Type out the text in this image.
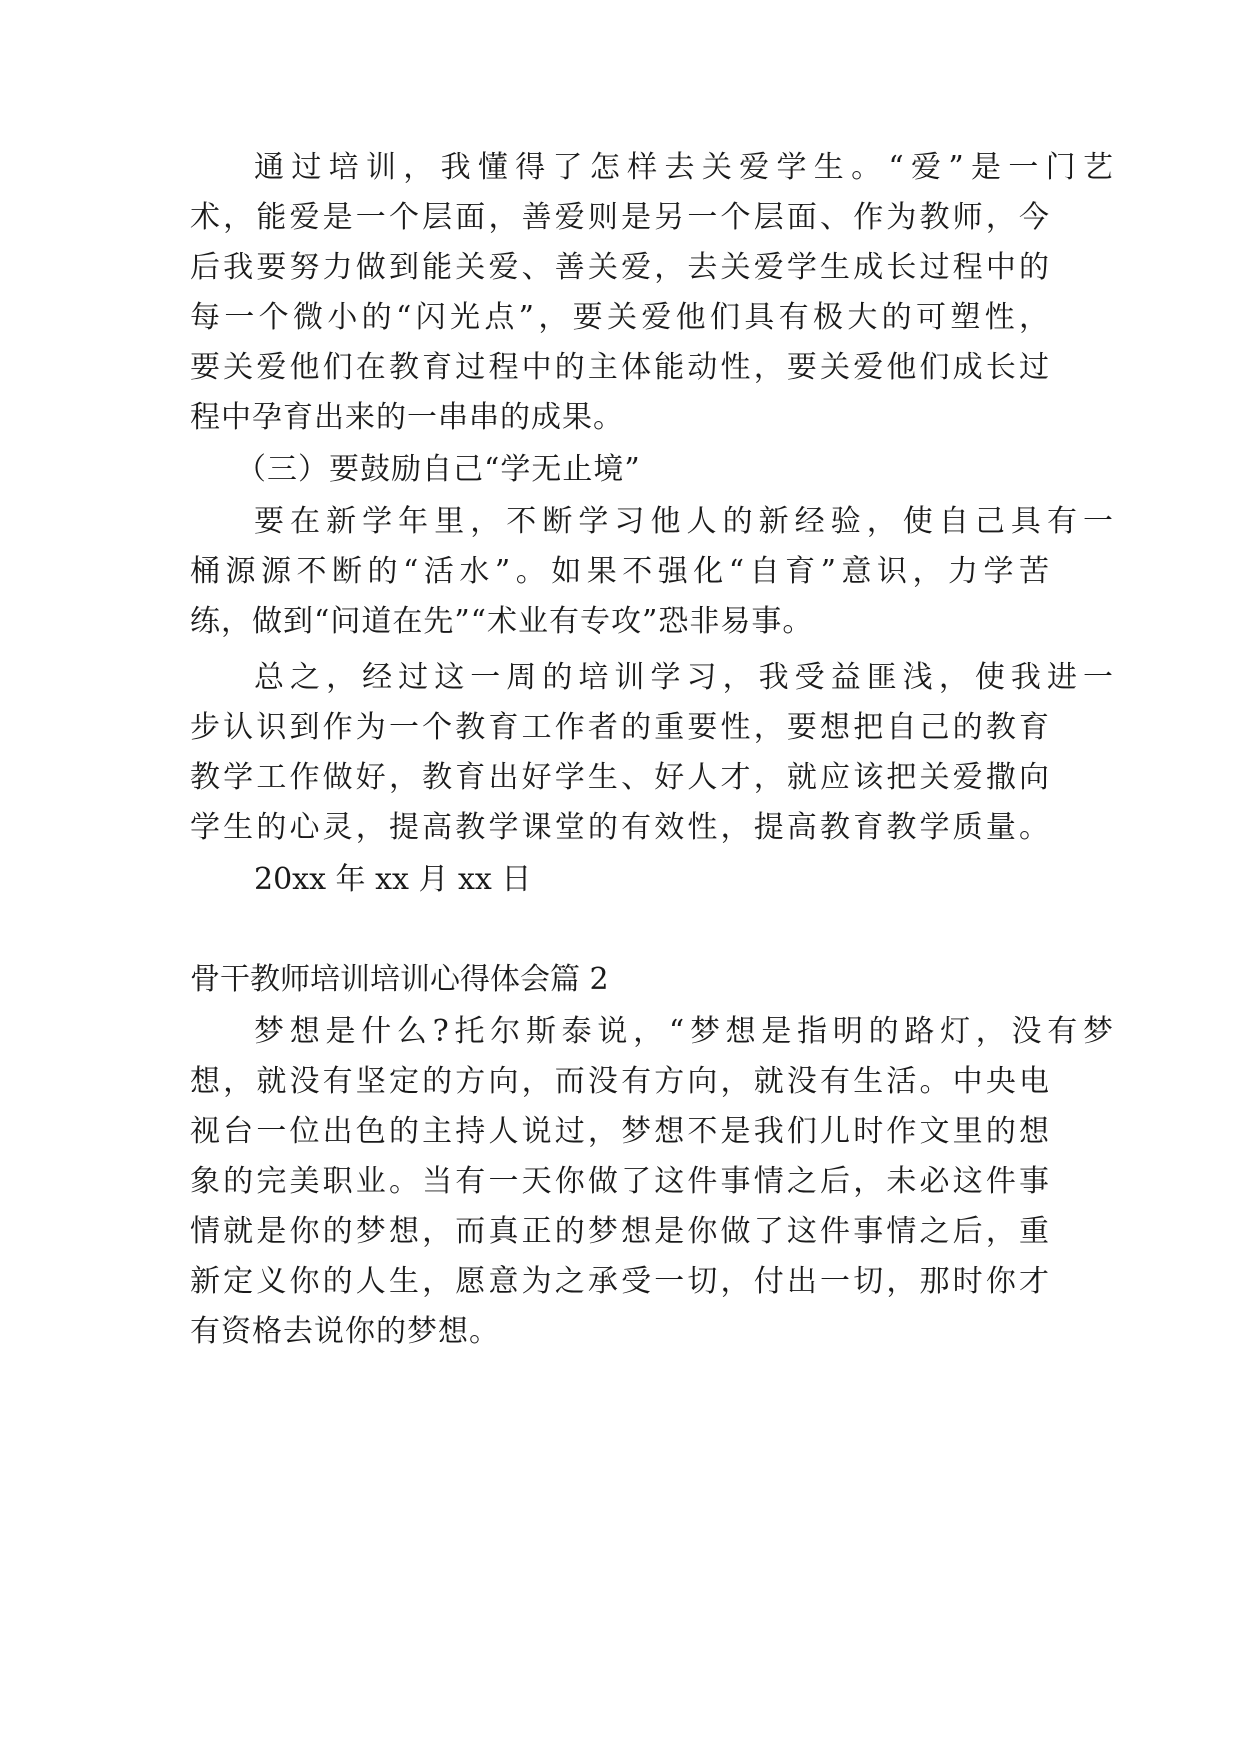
通过培训，我懂得了怎样去关爱学生。“爱”是一门艺
术，能爱是一个层面，善爱则是另一个层面、作为教师，今
后我要努力做到能关爱、善关爱，去关爱学生成长过程中的
每一个微小的“闪光点”，要关爱他们具有极大的可塑性，
要关爱他们在教育过程中的主体能动性，要关爱他们成长过
程中孕育出来的一串串的成果。
（三）要鼓励自己“学无止境”
要在新学年里，不断学习他人的新经验，使自己具有一
桶源源不断的“活水”。如果不强化“自育”意识，力学苦
练，做到“问道在先”“术业有专攻”恐非易事。
总之，经过这一周的培训学习，我受益匪浅，使我进一
步认识到作为一个教育工作者的重要性，要想把自己的教育
教学工作做好，教育出好学生、好人才，就应该把关爱撒向
学生的心灵，提高教学课堂的有效性，提高教育教学质量。
20xx 年 xx 月 xx 日
骨干教师培训培训心得体会篇 2
梦想是什么?托尔斯泰说，“梦想是指明的路灯，没有梦
想，就没有坚定的方向，而没有方向，就没有生活。中央电
视台一位出色的主持人说过，梦想不是我们儿时作文里的想
象的完美职业。当有一天你做了这件事情之后，未必这件事
情就是你的梦想，而真正的梦想是你做了这件事情之后，重
新定义你的人生，愿意为之承受一切，付出一切，那时你才
有资格去说你的梦想。
